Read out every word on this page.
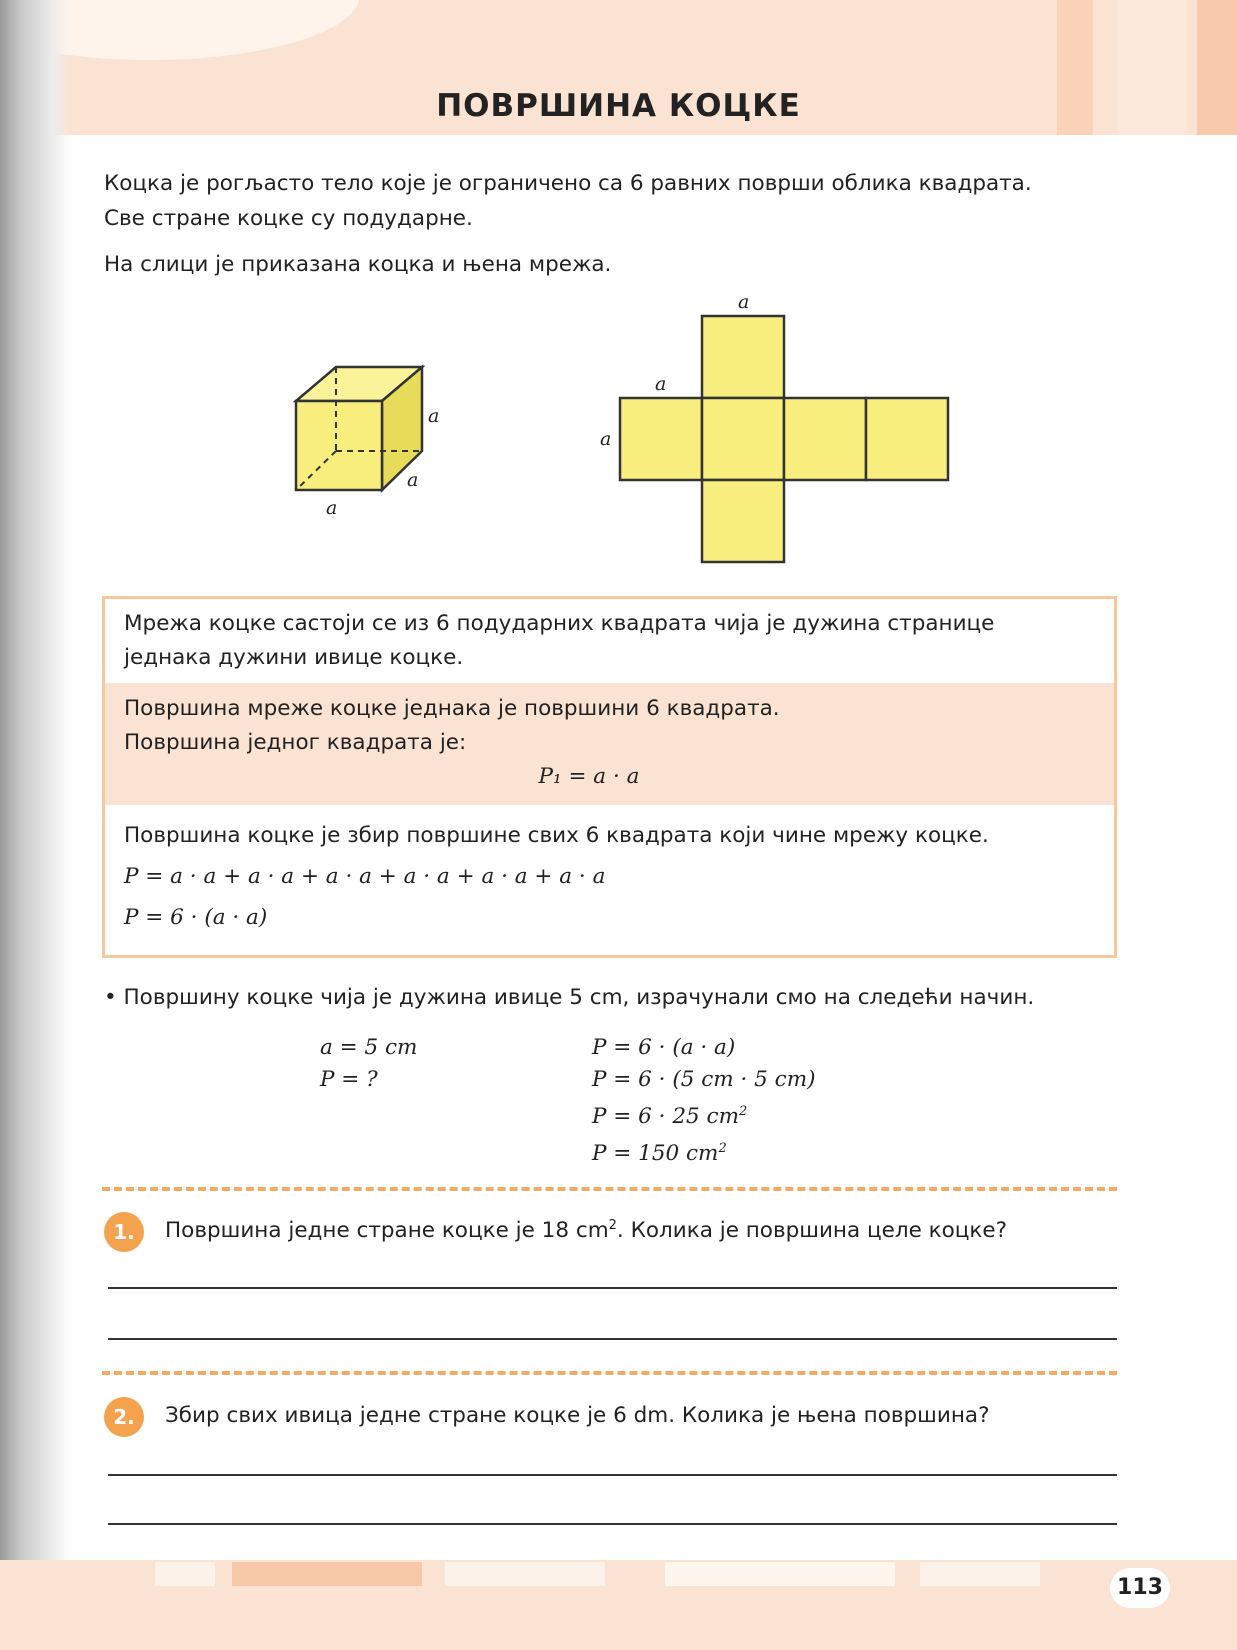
ПОВРШИНА КОЦКЕ
Коцка је рогљасто тело које је ограничено са 6 равних површи облика квадрата.
Све стране коцке су подударне.
На слици је приказана коцка и њена мрежа.
a
a
a
a
a
a
Мрежа коцке састоји се из 6 подударних квадрата чија је дужина странице
једнака дужини ивице коцке.
Површина мреже коцке једнака је површини 6 квадрата.
Површина једног квадрата је:
P₁ = a · a
Површина коцке је збир површине свих 6 квадрата који чине мрежу коцке.
P = a · a + a · a + a · a + a · a + a · a + a · a
P = 6 · (a · a)
• Површину коцке чија је дужина ивице 5 cm, израчунали смо на следећи начин.
a = 5 cm
P = ?
P = 6 · (a · a)
P = 6 · (5 cm · 5 cm)
P = 6 · 25 $cm^2$
P = 150 $cm^2$
1.	Површина једне стране коцке је 18 $cm^2$. Колика је површина целе коцке?
2.	Збир свих ивица једне стране коцке је 6 dm. Колика је њена површина?
113
